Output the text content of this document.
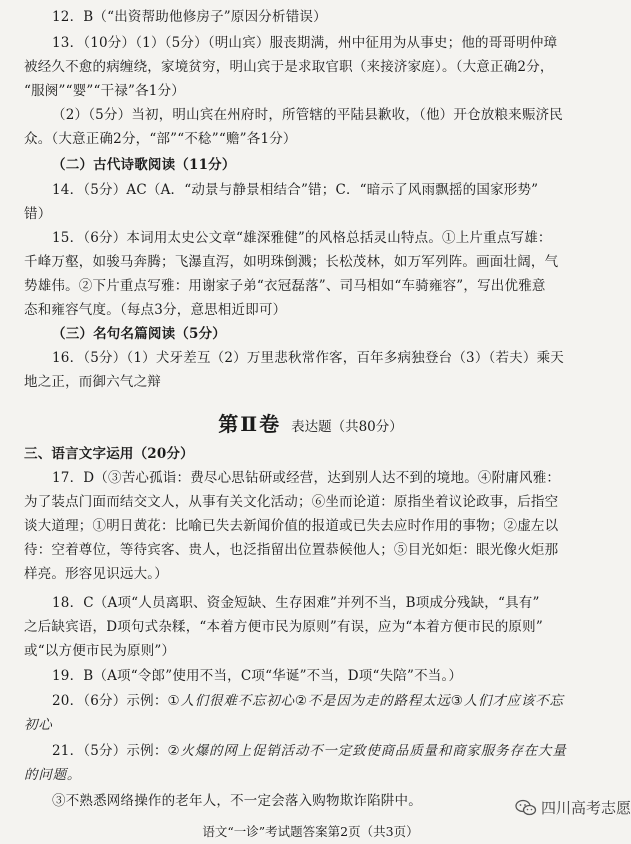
12．B（“出资帮助他修房子”原因分析错误）
13．（10分）（1）（5分）（明山宾）服丧期满，州中征用为从事史；他的哥哥明仲璋
被经久不愈的病缠绕，家境贫穷，明山宾于是求取官职（来接济家庭）。（大意正确2分，
“服阕”“婴”“干禄”各1分）
（2）（5分）当初，明山宾在州府时，所管辖的平陆县歉收，（他）开仓放粮来赈济民
众。（大意正确2分，“部”“不稔”“赡”各1分）
（二）古代诗歌阅读（11分）
14．（5分）AC（A．“动景与静景相结合”错；C．“暗示了风雨飘摇的国家形势”
错）
15．（6分）本词用太史公文章“雄深雅健”的风格总括灵山特点。①上片重点写雄：
千峰万壑，如骏马奔腾；飞瀑直泻，如明珠倒溅；长松茂林，如万军列阵。画面壮阔，气
势雄伟。②下片重点写雅：用谢家子弟“衣冠磊落”、司马相如“车骑雍容”，写出优雅意
态和雍容气度。（每点3分，意思相近即可）
（三）名句名篇阅读（5分）
16．（5分）（1）犬牙差互（2）万里悲秋常作客，百年多病独登台（3）（若夫）乘天
地之正，而御六气之辩
第Ⅱ卷 表达题（共80分）
三、语言文字运用（20分）
17．D（③苦心孤诣：费尽心思钻研或经营，达到别人达不到的境地。④附庸风雅：
为了装点门面而结交文人，从事有关文化活动；⑥坐而论道：原指坐着议论政事，后指空
谈大道理；①明日黄花：比喻已失去新闻价值的报道或已失去应时作用的事物；②虚左以
待：空着尊位，等待宾客、贵人，也泛指留出位置恭候他人；⑤目光如炬：眼光像火炬那
样亮。形容见识远大。）
18．C（A项“人员离职、资金短缺、生存困难”并列不当，B项成分残缺，“具有”
之后缺宾语，D项句式杂糅，“本着方便市民为原则”有误，应为“本着方便市民的原则”
或“以方便市民为原则”）
19．B（A项“令郎”使用不当，C项“华诞”不当，D项“失陪”不当。）
20．（6分）示例：①人们很难不忘初心②不是因为走的路程太远③人们才应该不忘
初心
21．（5分）示例：②火爆的网上促销活动不一定致使商品质量和商家服务存在大量
的问题。
③不熟悉网络操作的老年人，不一定会落入购物欺诈陷阱中。	四川高考志愿
语文“一诊”考试题答案第2页（共3页）
